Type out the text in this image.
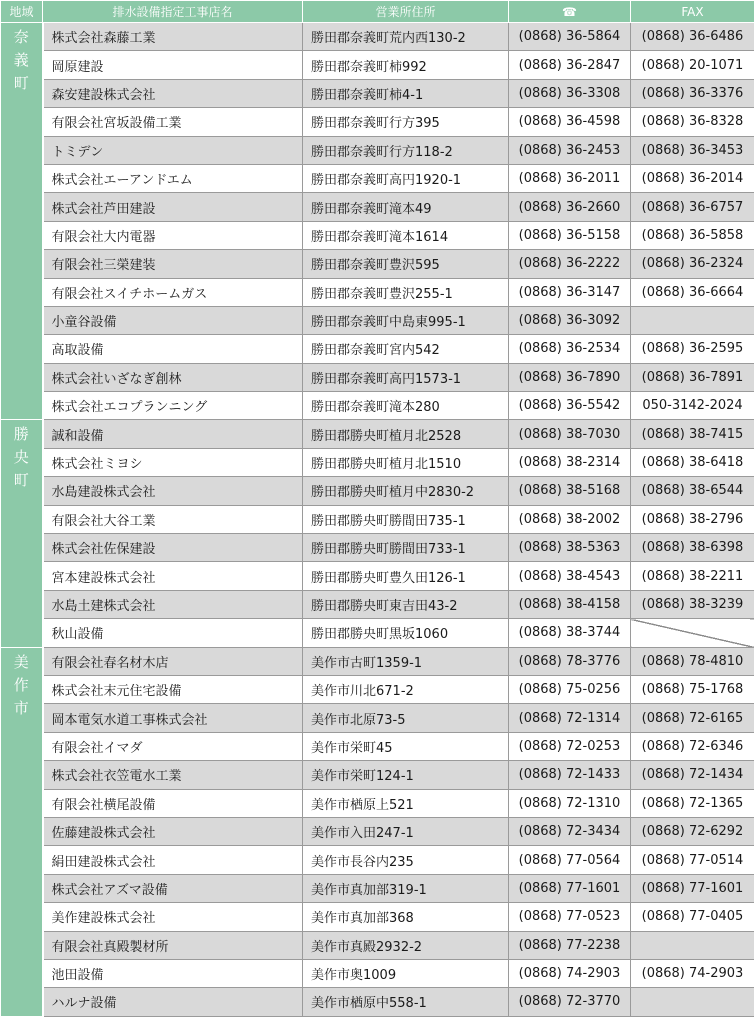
地域	排水設備指定工事店名	営業所住所	☎	FAX
奈義町	株式会社森藤工業	勝田郡奈義町荒内西130-2	(0868) 36-5864	(0868) 36-6486
	岡原建設	勝田郡奈義町柿992	(0868) 36-2847	(0868) 20-1071
	森安建設株式会社	勝田郡奈義町柿4-1	(0868) 36-3308	(0868) 36-3376
	有限会社宮坂設備工業	勝田郡奈義町行方395	(0868) 36-4598	(0868) 36-8328
	トミデン	勝田郡奈義町行方118-2	(0868) 36-2453	(0868) 36-3453
	株式会社エーアンドエム	勝田郡奈義町高円1920-1	(0868) 36-2011	(0868) 36-2014
	株式会社芦田建設	勝田郡奈義町滝本49	(0868) 36-2660	(0868) 36-6757
	有限会社大内電器	勝田郡奈義町滝本1614	(0868) 36-5158	(0868) 36-5858
	有限会社三榮建装	勝田郡奈義町豊沢595	(0868) 36-2222	(0868) 36-2324
	有限会社スイチホームガス	勝田郡奈義町豊沢255-1	(0868) 36-3147	(0868) 36-6664
	小童谷設備	勝田郡奈義町中島東995-1	(0868) 36-3092	
	高取設備	勝田郡奈義町宮内542	(0868) 36-2534	(0868) 36-2595
	株式会社いざなぎ創林	勝田郡奈義町高円1573-1	(0868) 36-7890	(0868) 36-7891
	株式会社エコプランニング	勝田郡奈義町滝本280	(0868) 36-5542	050-3142-2024
勝央町	誠和設備	勝田郡勝央町植月北2528	(0868) 38-7030	(0868) 38-7415
	株式会社ミヨシ	勝田郡勝央町植月北1510	(0868) 38-2314	(0868) 38-6418
	水島建設株式会社	勝田郡勝央町植月中2830-2	(0868) 38-5168	(0868) 38-6544
	有限会社大谷工業	勝田郡勝央町勝間田735-1	(0868) 38-2002	(0868) 38-2796
	株式会社佐保建設	勝田郡勝央町勝間田733-1	(0868) 38-5363	(0868) 38-6398
	宮本建設株式会社	勝田郡勝央町豊久田126-1	(0868) 38-4543	(0868) 38-2211
	水島土建株式会社	勝田郡勝央町東吉田43-2	(0868) 38-4158	(0868) 38-3239
	秋山設備	勝田郡勝央町黒坂1060	(0868) 38-3744	
美作市	有限会社春名材木店	美作市古町1359-1	(0868) 78-3776	(0868) 78-4810
	株式会社末元住宅設備	美作市川北671-2	(0868) 75-0256	(0868) 75-1768
	岡本電気水道工事株式会社	美作市北原73-5	(0868) 72-1314	(0868) 72-6165
	有限会社イマダ	美作市栄町45	(0868) 72-0253	(0868) 72-6346
	株式会社衣笠電水工業	美作市栄町124-1	(0868) 72-1433	(0868) 72-1434
	有限会社横尾設備	美作市楢原上521	(0868) 72-1310	(0868) 72-1365
	佐藤建設株式会社	美作市入田247-1	(0868) 72-3434	(0868) 72-6292
	絹田建設株式会社	美作市長谷内235	(0868) 77-0564	(0868) 77-0514
	株式会社アズマ設備	美作市真加部319-1	(0868) 77-1601	(0868) 77-1601
	美作建設株式会社	美作市真加部368	(0868) 77-0523	(0868) 77-0405
	有限会社真殿製材所	美作市真殿2932-2	(0868) 77-2238	
	池田設備	美作市奥1009	(0868) 74-2903	(0868) 74-2903
	ハルナ設備	美作市楢原中558-1	(0868) 72-3770	
